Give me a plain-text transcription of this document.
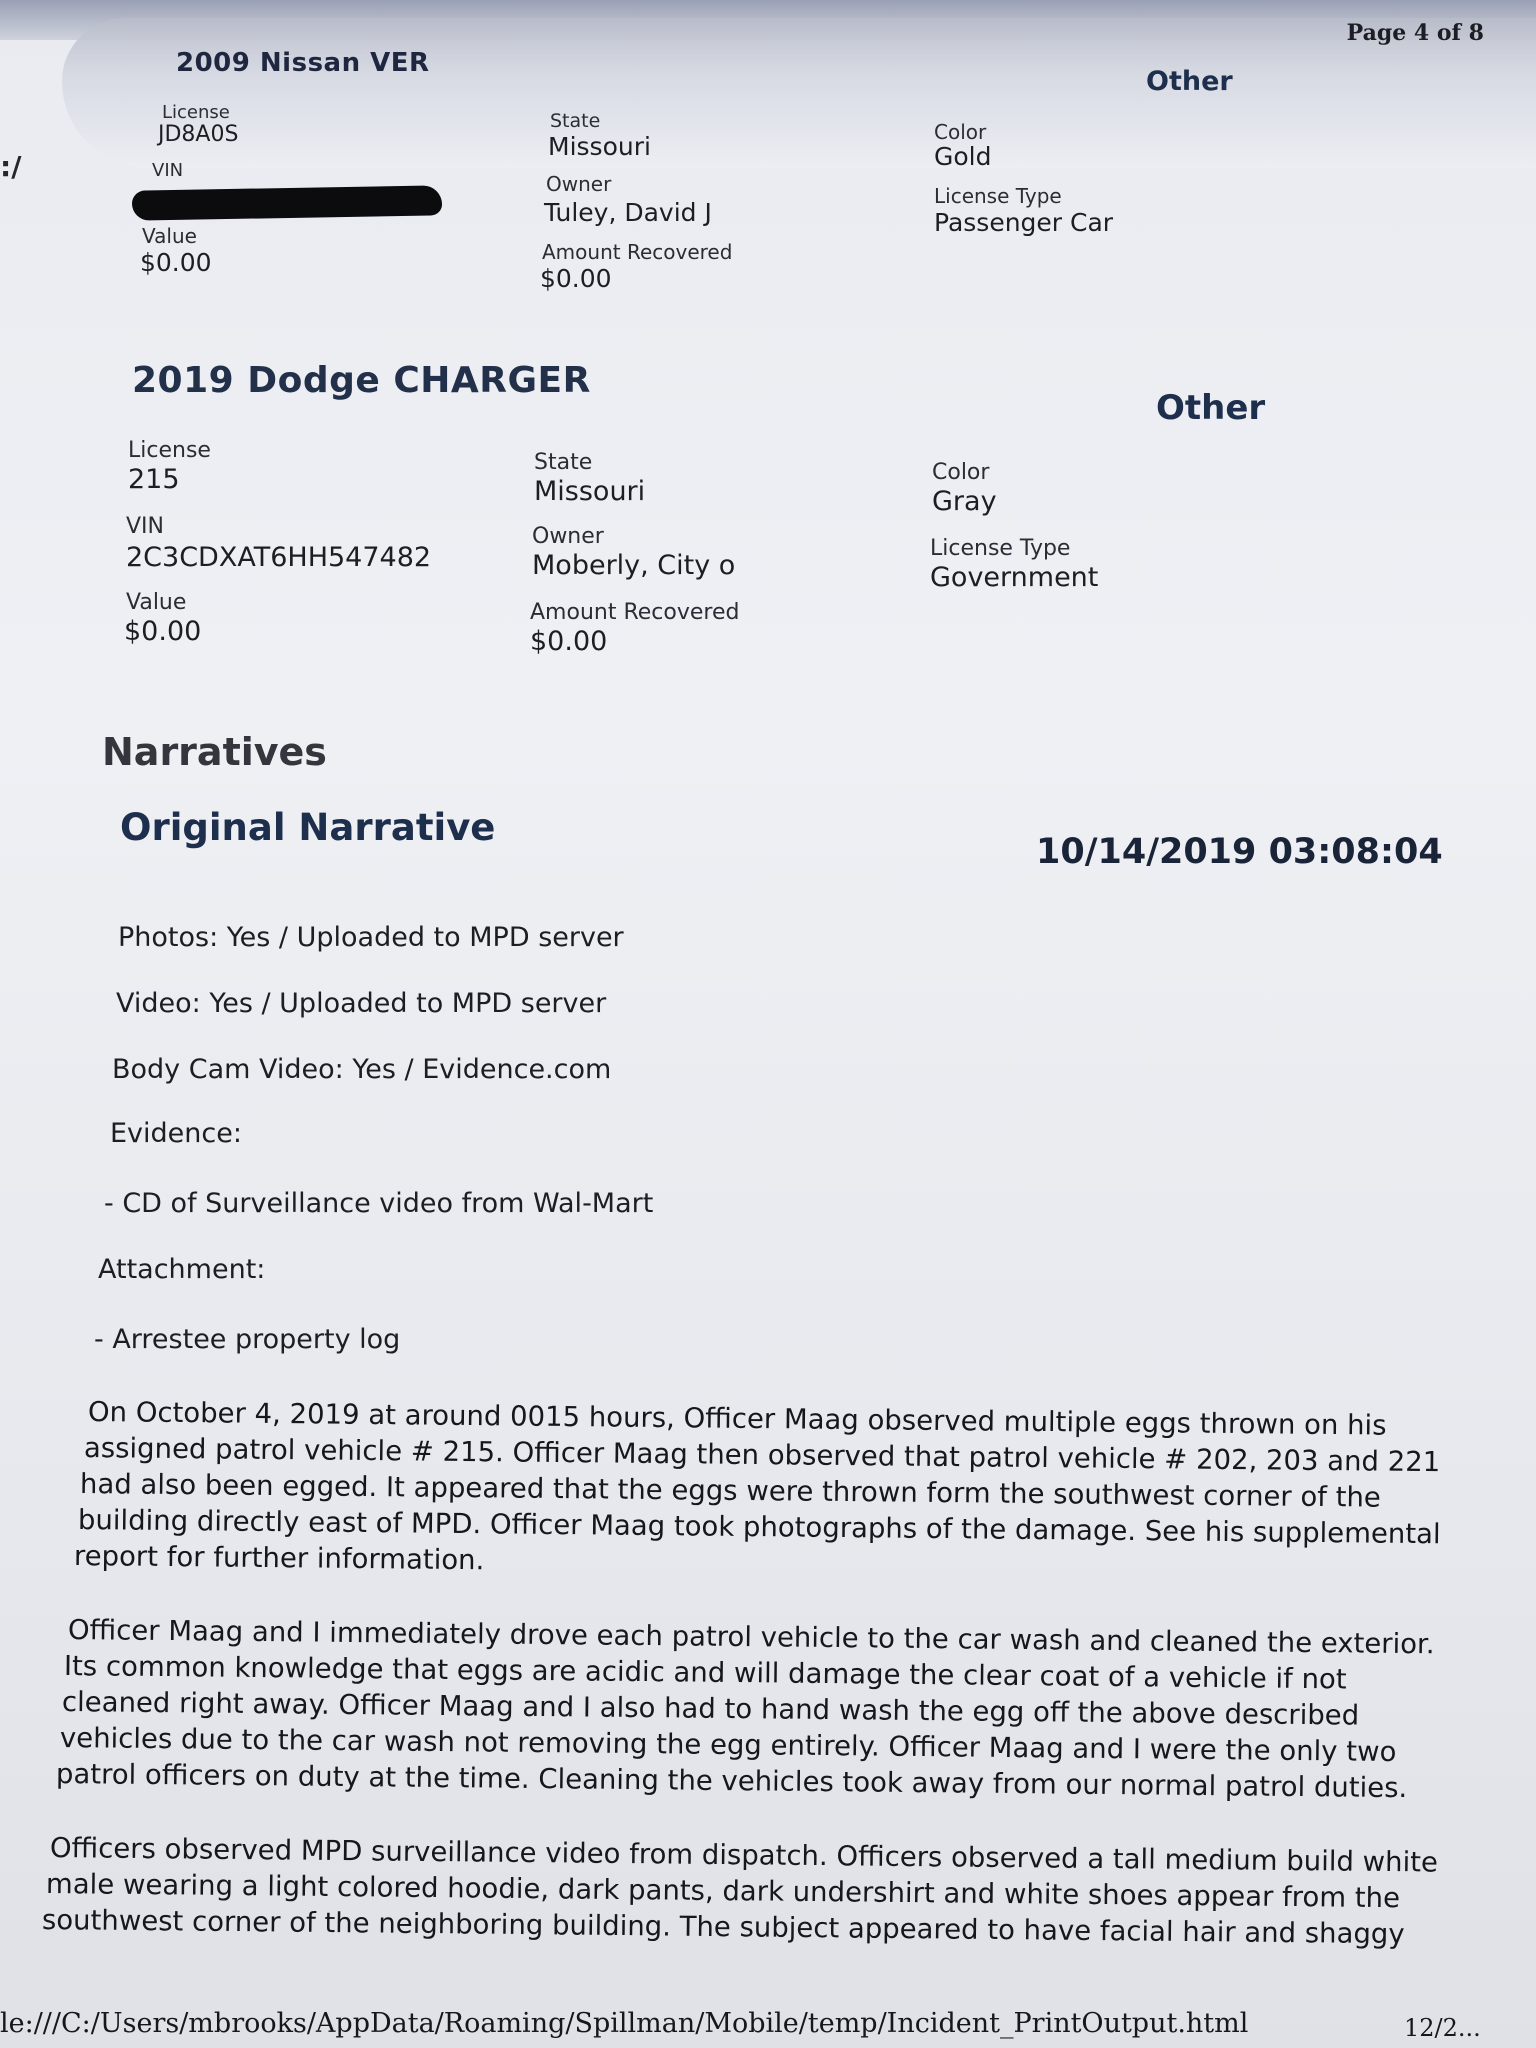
:/
Page 4 of 8
2009 Nissan VER
Other
License
JD8A0S
VIN
Value
$0.00
State
Missouri
Owner
Tuley, David J
Amount Recovered
$0.00
Color
Gold
License Type
Passenger Car
2019 Dodge CHARGER
Other
License
215
VIN
2C3CDXAT6HH547482
Value
$0.00
State
Missouri
Owner
Moberly, City o
Amount Recovered
$0.00
Color
Gray
License Type
Government
Narratives
Original Narrative
10/14/2019 03:08:04
Photos: Yes / Uploaded to MPD server
Video: Yes / Uploaded to MPD server
Body Cam Video: Yes / Evidence.com
Evidence:
- CD of Surveillance video from Wal-Mart
Attachment:
- Arrestee property log
On October 4, 2019 at around 0015 hours, Officer Maag observed multiple eggs thrown on his
assigned patrol vehicle # 215. Officer Maag then observed that patrol vehicle # 202, 203 and 221
had also been egged. It appeared that the eggs were thrown form the southwest corner of the
building directly east of MPD. Officer Maag took photographs of the damage. See his supplemental
report for further information.
Officer Maag and I immediately drove each patrol vehicle to the car wash and cleaned the exterior.
Its common knowledge that eggs are acidic and will damage the clear coat of a vehicle if not
cleaned right away. Officer Maag and I also had to hand wash the egg off the above described
vehicles due to the car wash not removing the egg entirely. Officer Maag and I were the only two
patrol officers on duty at the time. Cleaning the vehicles took away from our normal patrol duties.
Officers observed MPD surveillance video from dispatch. Officers observed a tall medium build white
male wearing a light colored hoodie, dark pants, dark undershirt and white shoes appear from the
southwest corner of the neighboring building. The subject appeared to have facial hair and shaggy
le:///C:/Users/mbrooks/AppData/Roaming/Spillman/Mobile/temp/Incident_PrintOutput.html	12/2...
